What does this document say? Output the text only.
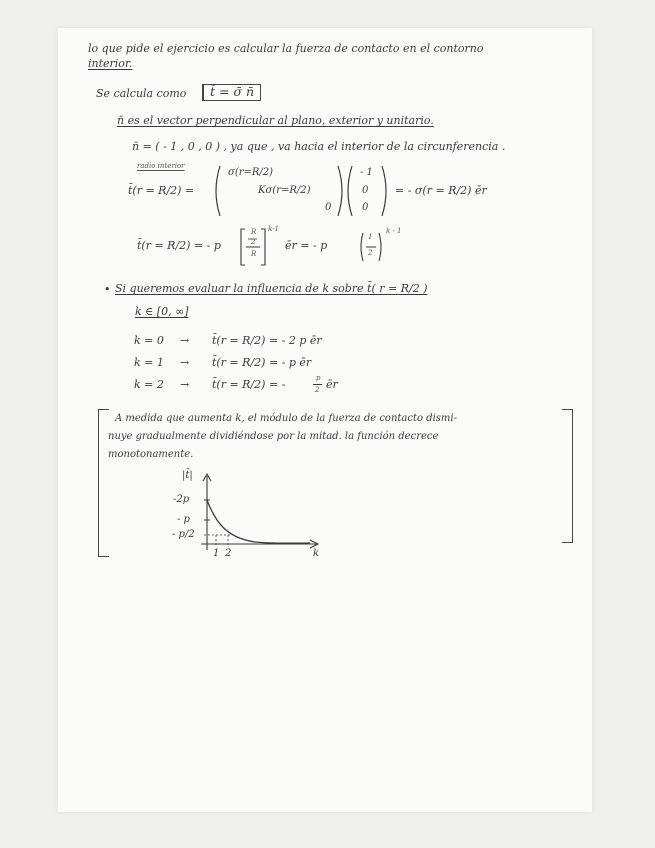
lo que pide el ejercicio es calcular la fuerza de contacto en el contorno
interior.
Se calcula como	t̄ = σ̄ n̄
n̄ es el vector perpendicular al plano, exterior y unitario.
n̄ = ( - 1 , 0 , 0 ) , ya que , va hacia el interior de la circunferencia .
radio interior
t̄(r = R/2) =
σ(r=R/2)
Kσ(r=R/2)
0
- 1
0
0
= - σ(r = R/2) ēr
t̄(r = R/2) = - p
R
2
R
k-1
ēr = - p
1
2
k - 1
• Si queremos evaluar la influencia de k sobre t̄( r = R/2 )
k ∈ [0, ∞]
k = 0 → t̄(r = R/2) = - 2 p ēr
k = 1 → t̄(r = R/2) = - p ēr
k = 2 → t̄(r = R/2) = -	p
2 ēr
A medida que aumenta k, el módulo de la fuerza de contacto dismi-
nuye gradualmente dividiéndose por la mitad. la función decrece
monotonamente.
|t̄|
-2p
- p
- p/2
1 2	k
